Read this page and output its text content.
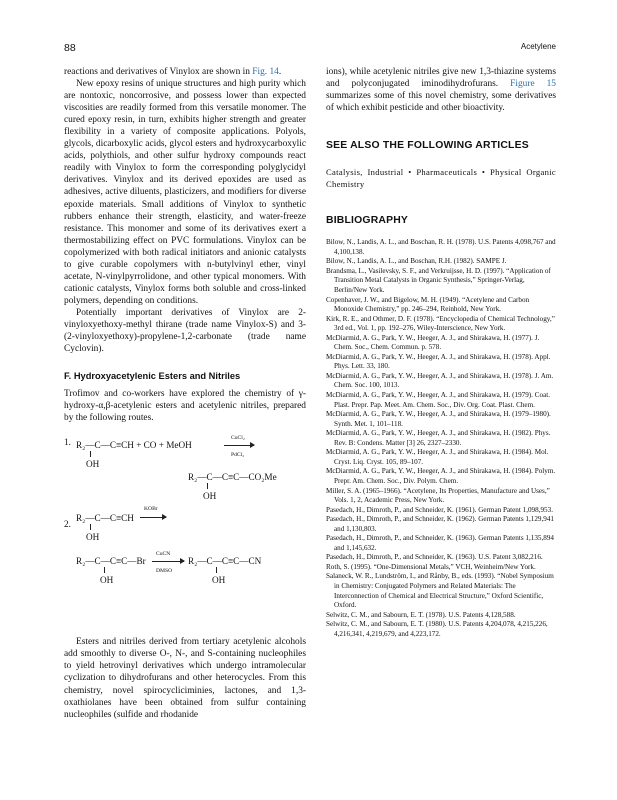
88	Acetylene

reactions and derivatives of Vinylox are shown in Fig. 14.

New epoxy resins of unique structures and high purity which are nontoxic, noncorrosive, and possess lower than expected viscosities are readily formed from this versatile monomer. The cured epoxy resin, in turn, exhibits higher strength and greater flexibility in a variety of composite applications. Polyols, glycols, dicarboxylic acids, glycol esters and hydroxycarboxylic acids, polythiols, and other sulfur hydroxy compounds react readily with Vinylox to form the corresponding polyglycidyl derivatives. Vinylox and its derived epoxides are used as adhesives, active diluents, plasticizers, and modifiers for diverse epoxide materials. Small additions of Vinylox to synthetic rubbers enhance their strength, elasticity, and water-freeze resistance. This monomer and some of its derivatives exert a thermostabilizing effect on PVC formulations. Vinylox can be copolymerized with both radical initiators and anionic catalysts to give curable copolymers with n-butylvinyl ether, vinyl acetate, N-vinylpyrrolidone, and other typical monomers. With cationic catalysts, Vinylox forms both soluble and cross-linked polymers, depending on conditions.

Potentially important derivatives of Vinylox are 2-vinyloxyethoxy-methyl thirane (trade name Vinylox-S) and 3-(2-vinyloxyethoxy)-propylene-1,2-carbonate (trade name Cyclovin).

F. Hydroxyacetylenic Esters and Nitriles

Trofimov and co-workers have explored the chemistry of γ-hydroxy-α,β-acetylenic esters and acetylenic nitriles, prepared by the following routes.

1. R₂—C—C≡CH + CO + MeOH
CuCl₂
PdCl₂
OH
R₂—C—C≡C—CO₂Me
OH
2.
KOBr
R₂—C—C≡CH →
OH
R₂—C—C≡C—Br
CuCN
DMSO
R₂—C—C≡C—CN
OH	OH

Esters and nitriles derived from tertiary acetylenic alcohols add smoothly to diverse O-, N-, and S-containing nucleophiles to yield hetrovinyl derivatives which undergo intramolecular cyclization to dihydrofurans and other heterocycles. From this chemistry, novel spirocycliciminies, lactones, and 1,3-oxathiolanes have been obtained from sulfur containing nucleophiles (sulfide and rhodanide

ions), while acetylenic nitriles give new 1,3-thiazine systems and polyconjugated iminodihydrofurans. Figure 15 summarizes some of this novel chemistry, some derivatives of which exhibit pesticide and other bioactivity.

SEE ALSO THE FOLLOWING ARTICLES

Catalysis, Industrial • Pharmaceuticals • Physical Organic Chemistry

BIBLIOGRAPHY

Bilow, N., Landis, A. L., and Boschan, R. H. (1978). U.S. Patents 4,098,767 and 4,100,138.

Bilow, N., Landis, A. L., and Boschan, R.H. (1982). SAMPE J.

Brandsma, L., Vasilevsky, S. F., and Verkruijsse, H. D. (1997). “Application of Transition Metal Catalysts in Organic Synthesis,” Springer-Verlag, Berlin/New York.

Copenhaver, J. W., and Bigelow, M. H. (1949). “Acetylene and Carbon Monoxide Chemistry,” pp. 246–294, Reinhold, New York.

Kirk, R. E., and Othmer, D. F. (1978). “Encyclopedia of Chemical Technology,” 3rd ed., Vol. 1, pp. 192–276, Wiley-Interscience, New York.

McDiarmid, A. G., Park, Y. W., Heeger, A. J., and Shirakawa, H. (1977). J. Chem. Soc., Chem. Commun. p. 578.

McDiarmid, A. G., Park, Y. W., Heeger, A. J., and Shirakawa, H. (1978). Appl. Phys. Lett. 33, 180.

McDiarmid, A. G., Park, Y. W., Heeger, A. J., and Shirakawa, H. (1978). J. Am. Chem. Soc. 100, 1013.

McDiarmid, A. G., Park, Y. W., Heeger, A. J., and Shirakawa, H. (1979). Coat. Plast. Prepr. Pap. Meet. Am. Chem. Soc., Div. Org. Coat. Plast. Chem.

McDiarmid, A. G., Park, Y. W., Heeger, A. J., and Shirakawa, H. (1979–1980). Synth. Met. 1, 101–118.

McDiarmid, A. G., Park, Y. W., Heeger, A. J., and Shirakawa, H. (1982). Phys. Rev. B: Condens. Matter [3] 26, 2327–2330.

McDiarmid, A. G., Park, Y. W., Heeger, A. J., and Shirakawa, H. (1984). Mol. Cryst. Liq. Cryst. 105, 89–107.

McDiarmid, A. G., Park, Y. W., Heeger, A. J., and Shirakawa, H. (1984). Polym. Prepr. Am. Chem. Soc., Div. Polym. Chem.

Miller, S. A. (1965–1966). “Acetylene, Its Properties, Manufacture and Uses,” Vols. 1, 2, Academic Press, New York.

Pasedach, H., Dimroth, P., and Schneider, K. (1961). German Patent 1,098,953.

Pasedach, H., Dimroth, P., and Schneider, K. (1962). German Patents 1,129,941 and 1,130,803.

Pasedach, H., Dimroth, P., and Schneider, K. (1963). German Patents 1,135,894 and 1,145,632.

Pasedach, H., Dimroth, P., and Schneider, K. (1963). U.S. Patent 3,082,216.

Roth, S. (1995). “One-Dimensional Metals,” VCH, Weinheim/New York.

Salaneck, W. R., Lundström, I., and Rånby, B., eds. (1993). “Nobel Symposium in Chemistry: Conjugated Polymers and Related Materials: The Interconnection of Chemical and Electrical Structure,” Oxford Scientific, Oxford.

Selwitz, C. M., and Sabourn, E. T. (1978). U.S. Patents 4,128,588.

Selwitz, C. M., and Sabourn, E. T. (1980). U.S. Patents 4,204,078, 4,215,226, 4,216,341, 4,219,679, and 4,223,172.
